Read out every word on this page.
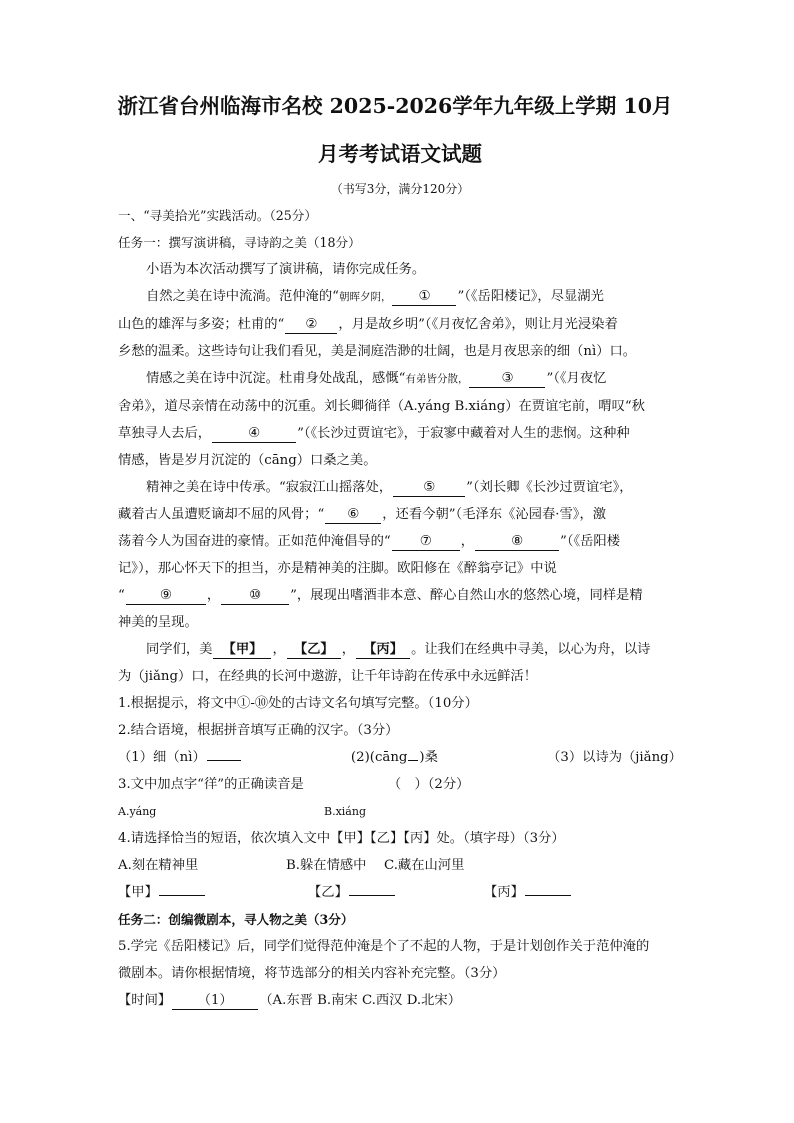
浙江省台州临海市名校 2025-2026学年九年级上学期 10月
月考考试语文试题
（书写3分，满分120分）
一、“寻美拾光”实践活动。（25分）
任务一：撰写演讲稿，寻诗韵之美（18分）
小语为本次活动撰写了演讲稿，请你完成任务。
自然之美在诗中流淌。范仲淹的“朝晖夕阴， ① ”（《岳阳楼记》，尽显湖光
山色的雄浑与多姿；杜甫的“ ② ，月是故乡明”（《月夜忆舍弟》，则让月光浸染着
乡愁的温柔。这些诗句让我们看见，美是洞庭浩渺的壮阔，也是月夜思亲的细（nì）口。
情感之美在诗中沉淀。杜甫身处战乱，感慨“有弟皆分散， ③ ”（《月夜忆
舍弟》，道尽亲情在动荡中的沉重。刘长卿徜徉（A.yáng B.xiáng）在贾谊宅前，喟叹“秋
草独寻人去后，	④	”（《长沙过贾谊宅》，于寂寥中藏着对人生的悲悯。这种种
情感，皆是岁月沉淀的（cāng）口桑之美。
精神之美在诗中传承。“寂寂江山摇落处， ⑤ ”（刘长卿《长沙过贾谊宅》，
藏着古人虽遭贬谪却不屈的风骨；“ ⑥ ，还看今朝”（毛泽东《沁园春·雪》，激
荡着今人为国奋进的豪情。正如范仲淹倡导的“ ⑦ ，	⑧	”（《岳阳楼
记》），那心怀天下的担当，亦是精神美的注脚。欧阳修在《醉翁亭记》中说
“	⑨	， ⑩ ”，展现出嗜酒非本意、醉心自然山水的悠然心境，同样是精
神美的呈现。
同学们，美 【甲】 ， 【乙】 ， 【丙】 。让我们在经典中寻美，以心为舟，以诗
为（jiǎng）口，在经典的长河中遨游，让千年诗韵在传承中永远鲜活！
1.根据提示，将文中①-⑩处的古诗文名句填写完整。（10分）
2.结合语境，根据拼音填写正确的汉字。（3分）
（1）细（nì）	(2)(cāng )桑	（3）以诗为（jiǎng）
3.文中加点字“徉”的正确读音是	（　）（2分）
A.yáng	B.xiáng
4.请选择恰当的短语，依次填入文中【甲】【乙】【丙】处。（填字母）（3分）
A.刻在精神里	B.躲在情感中 C.藏在山河里
【甲】	【乙】	【丙】
任务二：创编微剧本，寻人物之美（3分）
5.学完《岳阳楼记》后，同学们觉得范仲淹是个了不起的人物，于是计划创作关于范仲淹的
微剧本。请你根据情境，将节选部分的相关内容补充完整。（3分）
【时间】 （1） （A.东晋 B.南宋 C.西汉 D.北宋）
